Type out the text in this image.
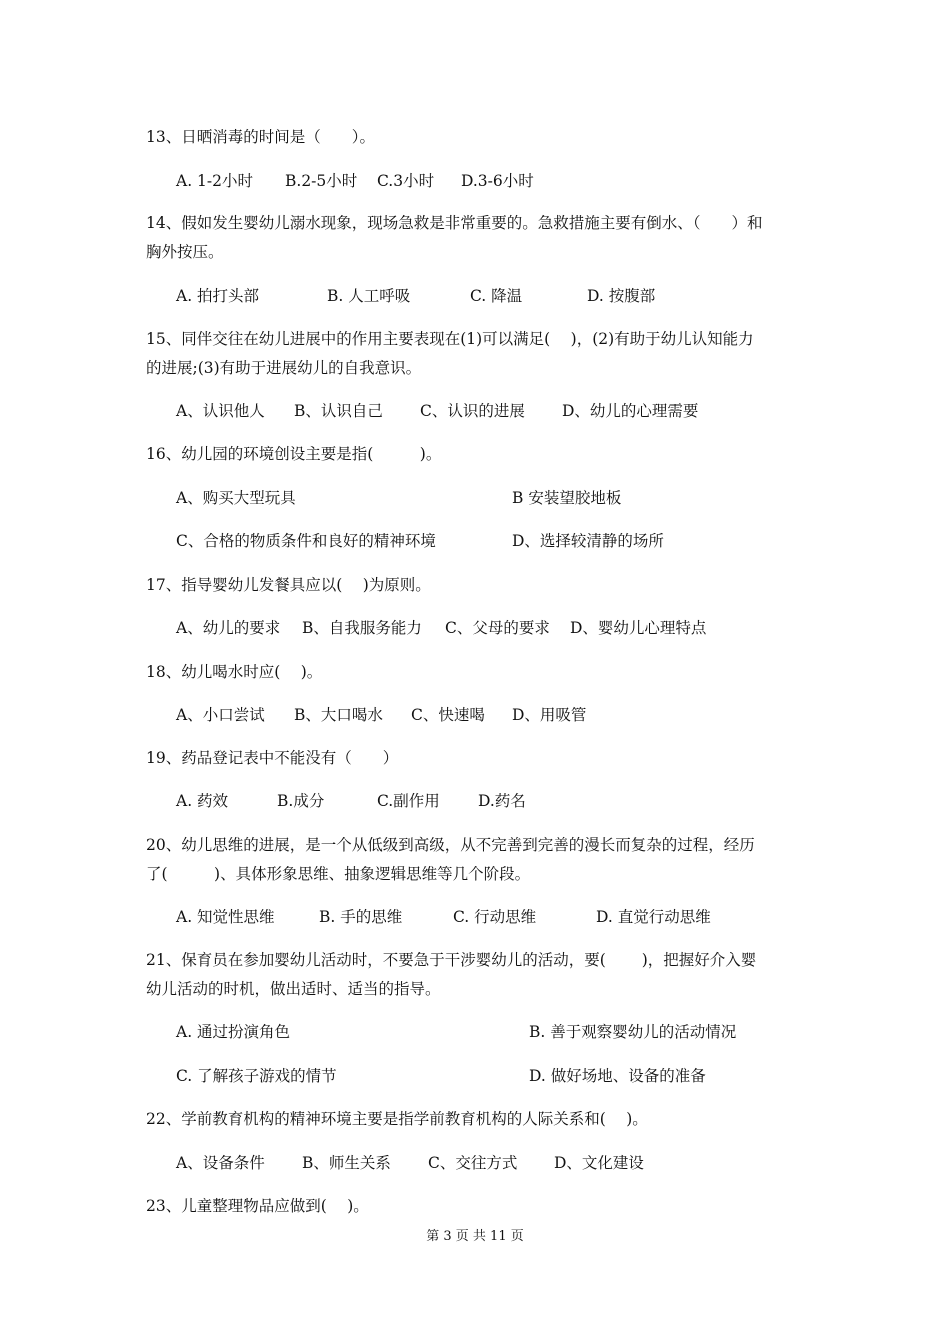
13、日晒消毒的时间是（　　）。
A. 1-2小时 B.2-5小时 C.3小时 D.3-6小时
14、假如发生婴幼儿溺水现象，现场急救是非常重要的。急救措施主要有倒水、（　　）和
胸外按压。
A. 拍打头部	B. 人工呼吸	C. 降温	D. 按腹部
15、同伴交往在幼儿进展中的作用主要表现在(1)可以满足(　 )，(2)有助于幼儿认知能力
的进展;(3)有助于进展幼儿的自我意识。
A、认识他人 B、认识自己 C、认识的进展 D、幼儿的心理需要
16、幼儿园的环境创设主要是指(　　　)。
A、购买大型玩具	B 安装望胶地板
C、合格的物质条件和良好的精神环境	D、选择较清静的场所
17、指导婴幼儿发餐具应以(　 )为原则。
A、幼儿的要求 B、自我服务能力 C、父母的要求 D、婴幼儿心理特点
18、幼儿喝水时应(　 )。
A、小口尝试 B、大口喝水 C、快速喝 D、用吸管
19、药品登记表中不能没有（　　）
A. 药效	B.成分	C.副作用 D.药名
20、幼儿思维的进展，是一个从低级到高级，从不完善到完善的漫长而复杂的过程，经历
了(　　　)、具体形象思维、抽象逻辑思维等几个阶段。
A. 知觉性思维	B. 手的思维	C. 行动思维	D. 直觉行动思维
21、保育员在参加婴幼儿活动时，不要急于干涉婴幼儿的活动，要(　　 )，把握好介入婴
幼儿活动的时机，做出适时、适当的指导。
A. 通过扮演角色	B. 善于观察婴幼儿的活动情况
C. 了解孩子游戏的情节	D. 做好场地、设备的准备
22、学前教育机构的精神环境主要是指学前教育机构的人际关系和(　 )。
A、设备条件 B、师生关系 C、交往方式 D、文化建设
23、儿童整理物品应做到(　 )。
第 3 页 共 11 页
